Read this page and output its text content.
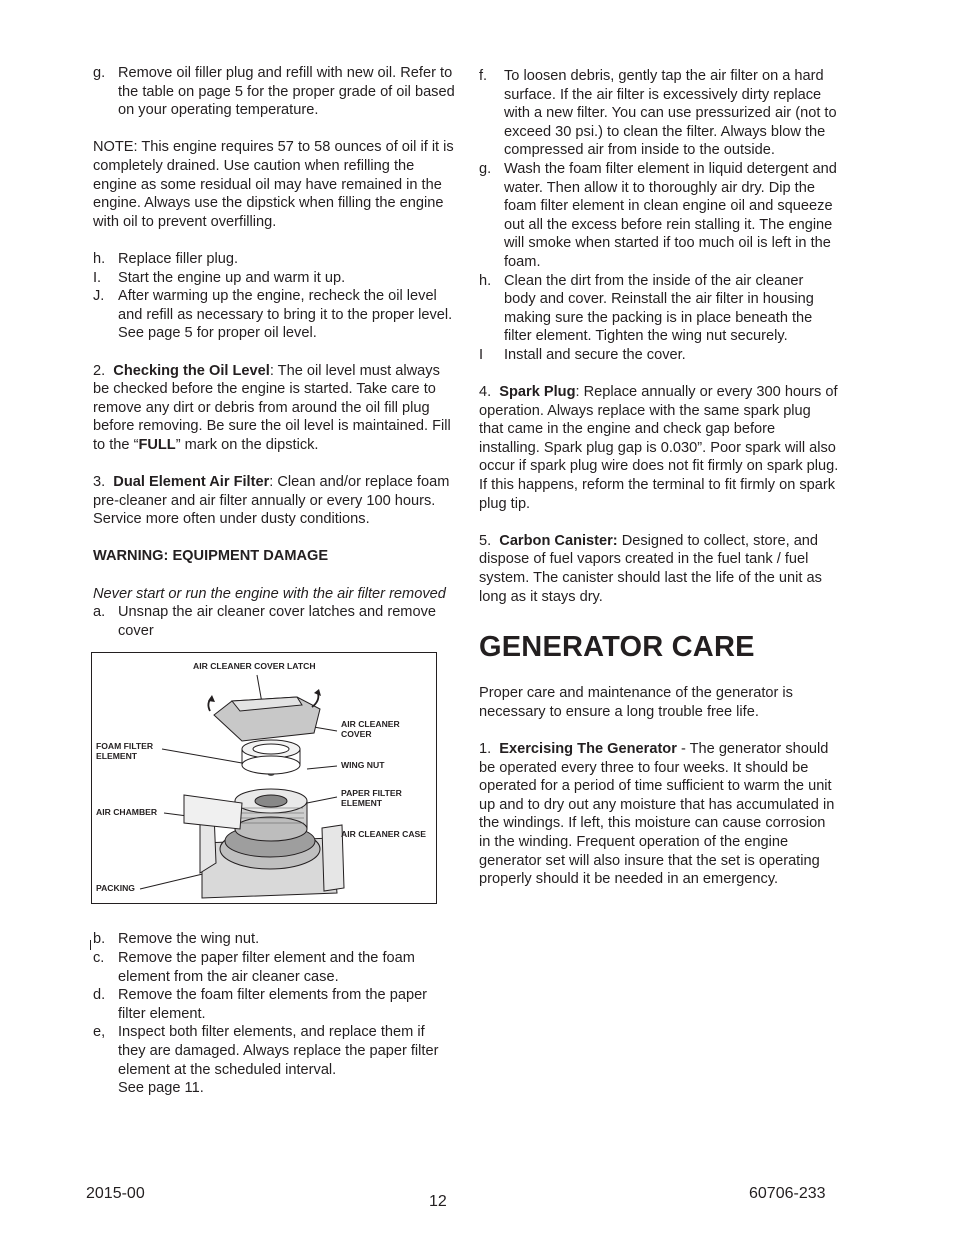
g. Remove oil filler plug and refill with new oil. Refer to the table on page 5 for the proper grade of oil based on your operating temperature.

NOTE: This engine requires 57 to 58 ounces of oil if it is completely drained. Use caution when refilling the engine as some residual oil may have remained in the engine. Always use the dipstick when filling the engine with oil to prevent overfilling.

h. Replace filler plug.
I.	Start the engine up and warm it up.
J. After warming up the engine, recheck the oil level and refill as necessary to bring it to the proper level. See page 5 for proper oil level.

2. Checking the Oil Level: The oil level must always be checked before the engine is started. Take care to remove any dirt or debris from around the oil fill plug before removing. Be sure the oil level is maintained. Fill to the “FULL” mark on the dipstick.

3. Dual Element Air Filter: Clean and/or replace foam pre-cleaner and air filter annually or every 100 hours. Service more often under dusty conditions.

WARNING: EQUIPMENT DAMAGE

Never start or run the engine with the air filter removed

a. Unsnap the air cleaner cover latches and remove cover
AIR CLEANER COVER LATCH
AIR CLEANER
COVER
FOAM FILTER
ELEMENT
WING NUT
PAPER FILTER
ELEMENT
AIR CHAMBER
AIR CLEANER CASE
PACKING
b. Remove the wing nut.
c. Remove the paper filter element and the foam element from the air cleaner case.
d. Remove the foam filter elements from the paper filter element.
e, Inspect both filter elements, and replace them if they are damaged. Always replace the paper filter element at the scheduled interval.
See page 11.
f.	To loosen debris, gently tap the air filter on a hard surface. If the air filter is excessively dirty replace with a new filter. You can use pressurized air (not to exceed 30 psi.) to clean the filter. Always blow the compressed air from inside to the outside.
g. Wash the foam filter element in liquid detergent and water. Then allow it to thoroughly air dry. Dip the foam filter element in clean engine oil and squeeze out all the excess before rein stalling it. The engine will smoke when started if too much oil is left in the foam.
h. Clean the dirt from the inside of the air cleaner body and cover. Reinstall the air filter in housing making sure the packing is in place beneath the filter element. Tighten the wing nut securely.
I	Install and secure the cover.

4. Spark Plug: Replace annually or every 300 hours of operation. Always replace with the same spark plug that came in the engine and check gap before installing. Spark plug gap is 0.030”. Poor spark will also occur if spark plug wire does not fit firmly on spark plug. If this happens, reform the terminal to fit firmly on spark plug tip.

5. Carbon Canister: Designed to collect, store, and dispose of fuel vapors created in the fuel tank / fuel system. The canister should last the life of the unit as long as it stays dry.

GENERATOR CARE

Proper care and maintenance of the generator is necessary to ensure a long trouble free life.

1. Exercising The Generator - The generator should be operated every three to four weeks. It should be operated for a period of time sufficient to warm the unit up and to dry out any moisture that has accumulated in the windings. If left, this moisture can cause corrosion in the winding. Frequent operation of the engine generator set will also insure that the set is operating properly should it be needed in an emergency.

2015-00	12	60706-233
